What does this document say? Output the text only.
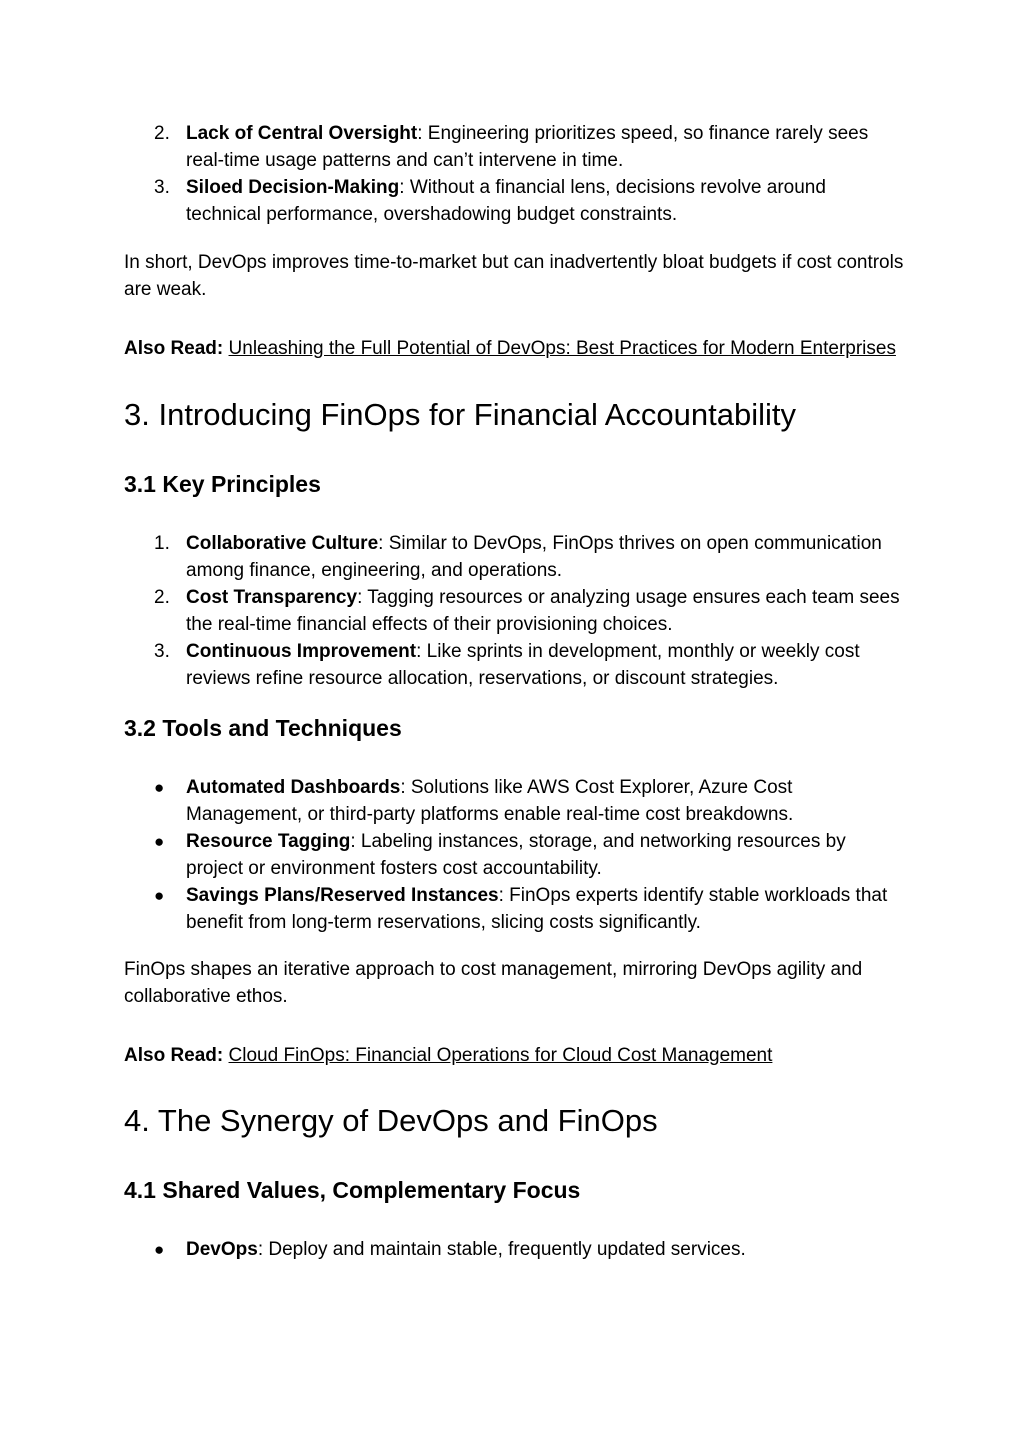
2. Lack of Central Oversight: Engineering prioritizes speed, so finance rarely sees real-time usage patterns and can’t intervene in time.
3. Siloed Decision-Making: Without a financial lens, decisions revolve around technical performance, overshadowing budget constraints.

In short, DevOps improves time-to-market but can inadvertently bloat budgets if cost controls are weak.

Also Read: Unleashing the Full Potential of DevOps: Best Practices for Modern Enterprises

3. Introducing FinOps for Financial Accountability
3.1 Key Principles
1. Collaborative Culture: Similar to DevOps, FinOps thrives on open communication among finance, engineering, and operations.
2. Cost Transparency: Tagging resources or analyzing usage ensures each team sees the real-time financial effects of their provisioning choices.
3. Continuous Improvement: Like sprints in development, monthly or weekly cost reviews refine resource allocation, reservations, or discount strategies.
3.2 Tools and Techniques
● Automated Dashboards: Solutions like AWS Cost Explorer, Azure Cost Management, or third-party platforms enable real-time cost breakdowns.
● Resource Tagging: Labeling instances, storage, and networking resources by project or environment fosters cost accountability.
● Savings Plans/Reserved Instances: FinOps experts identify stable workloads that benefit from long-term reservations, slicing costs significantly.

FinOps shapes an iterative approach to cost management, mirroring DevOps agility and collaborative ethos.

Also Read: Cloud FinOps: Financial Operations for Cloud Cost Management

4. The Synergy of DevOps and FinOps
4.1 Shared Values, Complementary Focus
● DevOps: Deploy and maintain stable, frequently updated services.
